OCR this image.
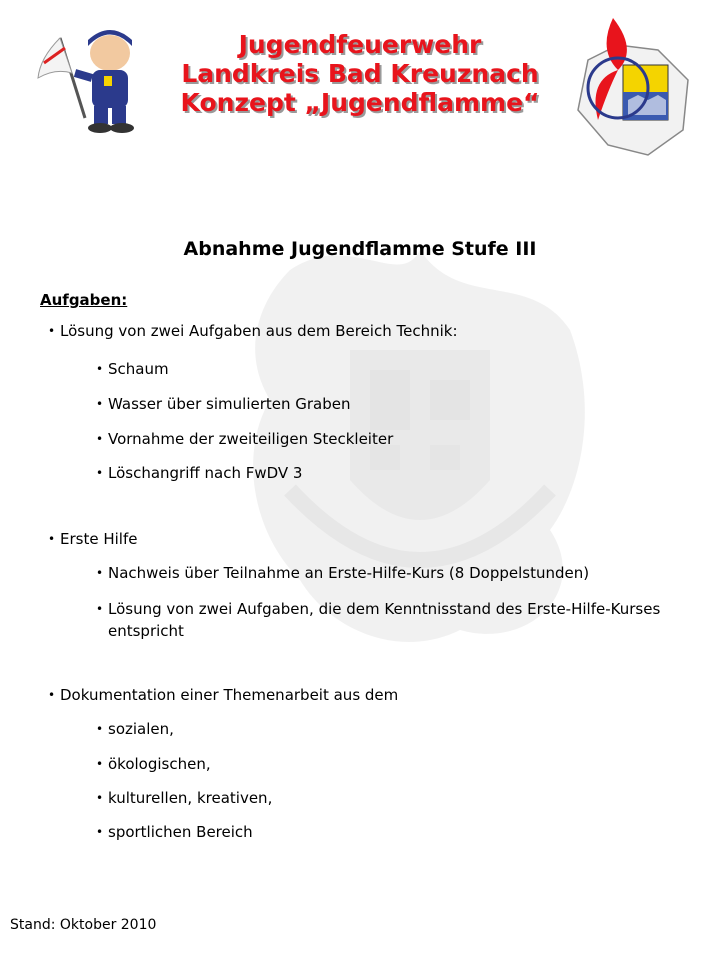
Jugendfeuerwehr
Landkreis Bad Kreuznach
Konzept „Jugendflamme“
Abnahme Jugendflamme Stufe III
Aufgaben:
• Lösung von zwei Aufgaben aus dem Bereich Technik:
• Schaum
• Wasser über simulierten Graben
• Vornahme der zweiteiligen Steckleiter
• Löschangriff nach FwDV 3
• Erste Hilfe
• Nachweis über Teilnahme an Erste-Hilfe-Kurs (8 Doppelstunden)
• Lösung von zwei Aufgaben, die dem Kenntnisstand des Erste-Hilfe-Kurses entspricht
• Dokumentation einer Themenarbeit aus dem
• sozialen,
• ökologischen,
• kulturellen, kreativen,
• sportlichen Bereich
Stand: Oktober 2010
